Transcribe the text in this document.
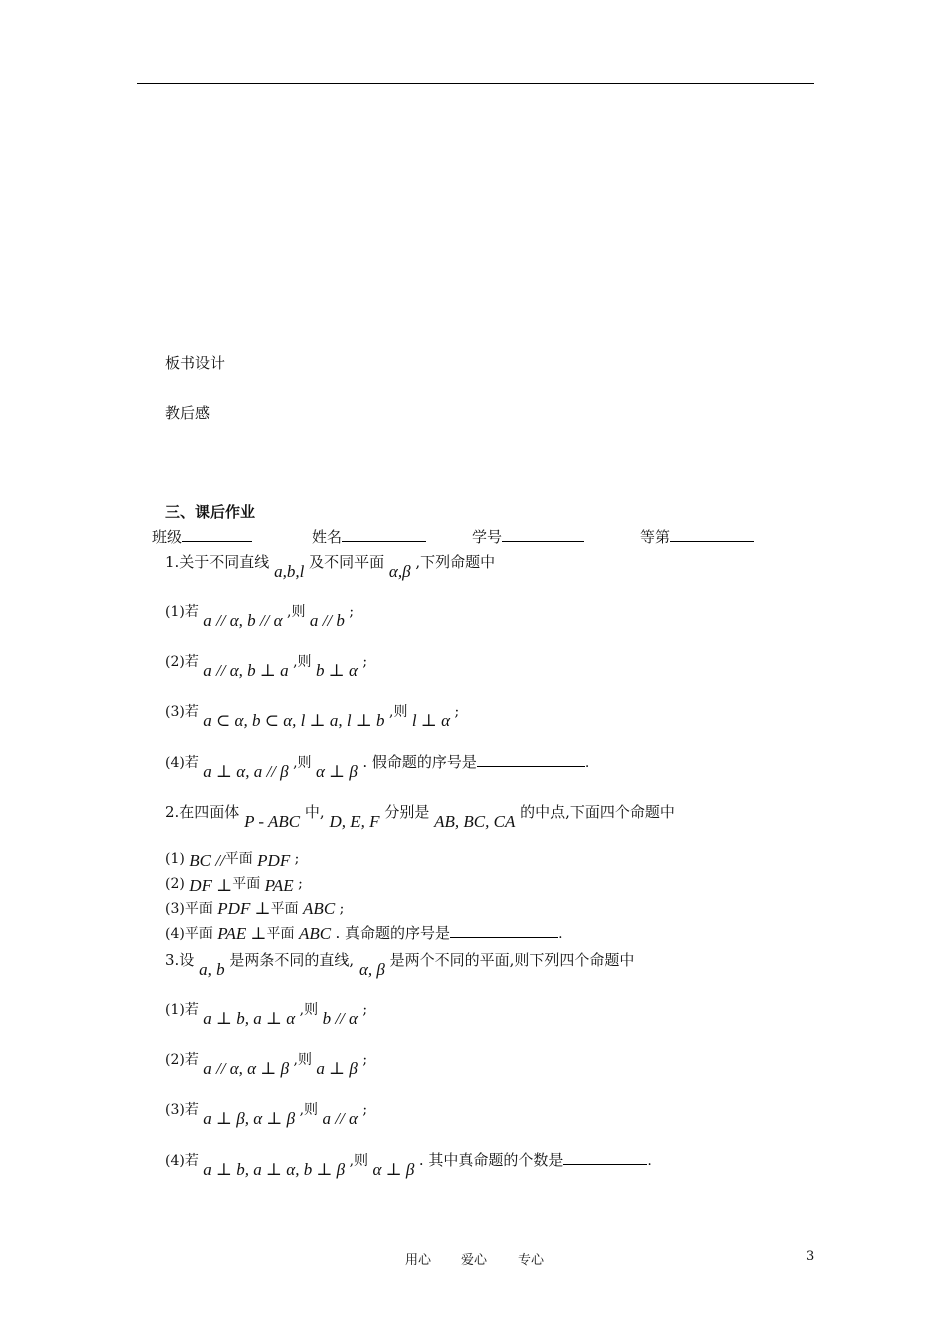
板书设计
教后感
三、课后作业
班级	姓名	学号	等第
1.关于不同直线 a,b,l 及不同平面 α,β ,下列命题中
(1)若 a // α, b // α ,则 a // b ;
(2)若 a // α, b ⊥ a ,则 b ⊥ α ;
(3)若 a ⊂ α, b ⊂ α, l ⊥ a, l ⊥ b ,则 l ⊥ α ;
(4)若 a ⊥ α, a // β ,则 α ⊥ β . 假命题的序号是	.
2.在四面体 P - ABC 中, D, E, F 分别是 AB, BC, CA 的中点,下面四个命题中
(1) BC //平面 PDF ;
(2) DF ⊥平面 PAE ;
(3)平面 PDF ⊥平面 ABC ;
(4)平面 PAE ⊥平面 ABC . 真命题的序号是	.
3.设 a, b 是两条不同的直线, α, β 是两个不同的平面,则下列四个命题中
(1)若 a ⊥ b, a ⊥ α ,则 b // α ;
(2)若 a // α, α ⊥ β ,则 a ⊥ β ;
(3)若 a ⊥ β, α ⊥ β ,则 a // α ;
(4)若 a ⊥ b, a ⊥ α, b ⊥ β ,则 α ⊥ β . 其中真命题的个数是	.
用心 爱心 专心	3
